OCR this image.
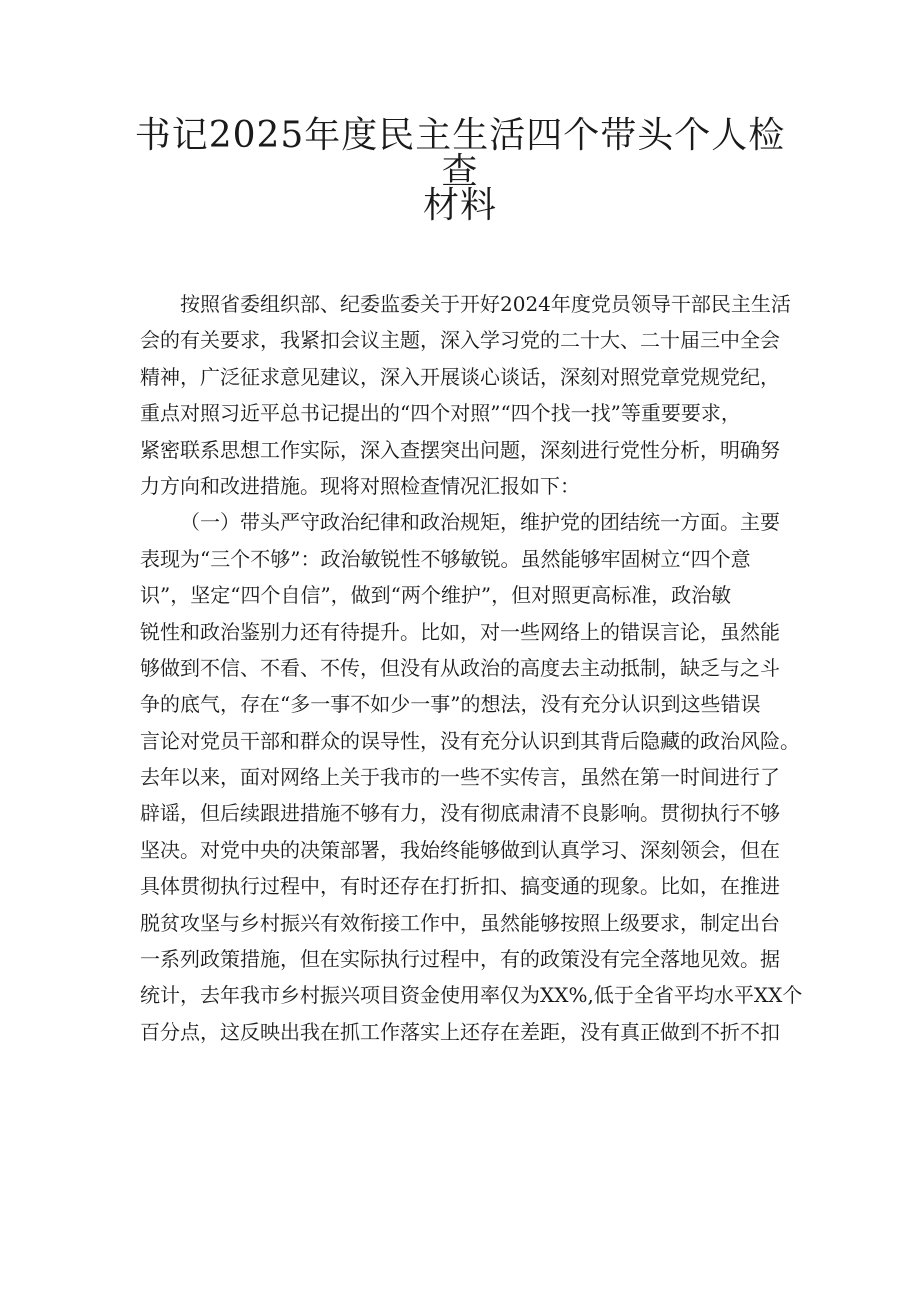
书记2025年度民主生活四个带头个人检查
材料
按照省委组织部、纪委监委关于开好2024年度党员领导干部民主生活
会的有关要求，我紧扣会议主题，深入学习党的二十大、二十届三中全会
精神，广泛征求意见建议，深入开展谈心谈话，深刻对照党章党规党纪，
重点对照习近平总书记提出的“四个对照”“四个找一找”等重要要求，
紧密联系思想工作实际，深入查摆突出问题，深刻进行党性分析，明确努
力方向和改进措施。现将对照检查情况汇报如下：
（一）带头严守政治纪律和政治规矩，维护党的团结统一方面。主要
表现为“三个不够”：政治敏锐性不够敏锐。虽然能够牢固树立“四个意
识”，坚定“四个自信”，做到“两个维护”，但对照更高标准，政治敏
锐性和政治鉴别力还有待提升。比如，对一些网络上的错误言论，虽然能
够做到不信、不看、不传，但没有从政治的高度去主动抵制，缺乏与之斗
争的底气，存在“多一事不如少一事”的想法，没有充分认识到这些错误
言论对党员干部和群众的误导性，没有充分认识到其背后隐藏的政治风险。
去年以来，面对网络上关于我市的一些不实传言，虽然在第一时间进行了
辟谣，但后续跟进措施不够有力，没有彻底肃清不良影响。贯彻执行不够
坚决。对党中央的决策部署，我始终能够做到认真学习、深刻领会，但在
具体贯彻执行过程中，有时还存在打折扣、搞变通的现象。比如，在推进
脱贫攻坚与乡村振兴有效衔接工作中，虽然能够按照上级要求，制定出台
一系列政策措施，但在实际执行过程中，有的政策没有完全落地见效。据
统计，去年我市乡村振兴项目资金使用率仅为XX%,低于全省平均水平XX个
百分点，这反映出我在抓工作落实上还存在差距，没有真正做到不折不扣
